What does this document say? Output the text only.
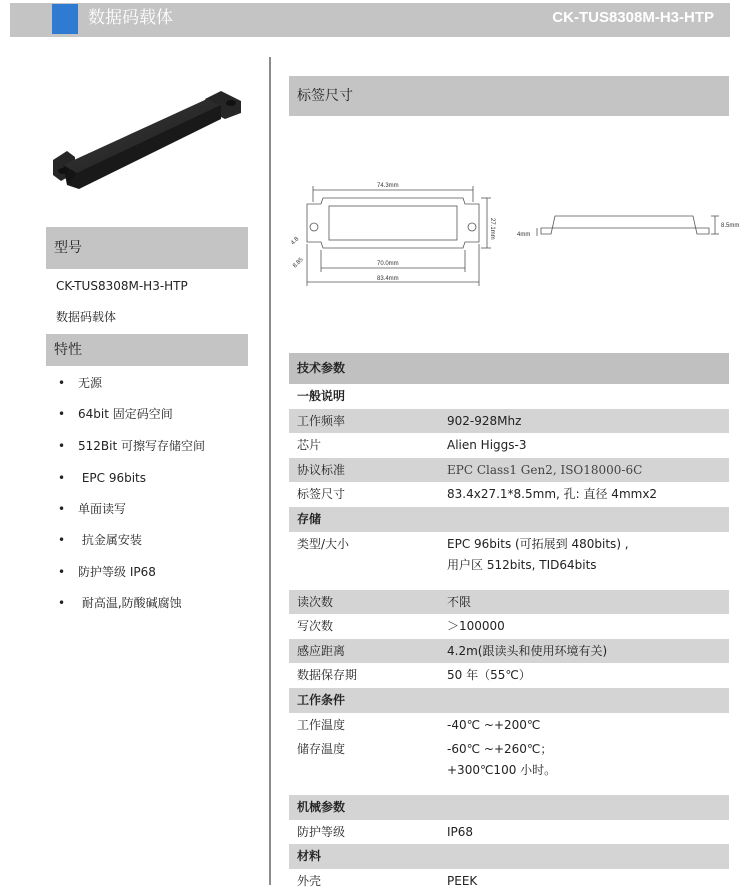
数据码载体	CK-TUS8308M-H3-HTP
型号
CK-TUS8308M-H3-HTP
数据码载体
特性
• 无源
• 64bit 固定码空间
• 512Bit 可擦写存储空间
• EPC 96bits
• 单面读写
• 抗金属安装
• 防护等级 IP68
• 耐高温,防酸碱腐蚀
标签尺寸
74.3mm
27.1mm
70.0mm
83.4mm
4.8
8.85
4mm
8.5mm
技术参数
一般说明
工作频率	902-928Mhz
芯片	Alien Higgs-3
协议标准	EPC Class1 Gen2, ISO18000-6C
标签尺寸	83.4x27.1*8.5mm, 孔: 直径 4mmx2
存储
类型/大小	EPC 96bits (可拓展到 480bits) ,
用户区 512bits, TID64bits
读次数	不限
写次数	＞100000
感应距离	4.2m(跟读头和使用环境有关)
数据保存期	50 年（55℃）
工作条件
工作温度	-40℃ ~+200℃
储存温度	-60℃ ~+260℃；
+300℃100 小时。
机械参数
防护等级	IP68
材料
外壳	PEEK
